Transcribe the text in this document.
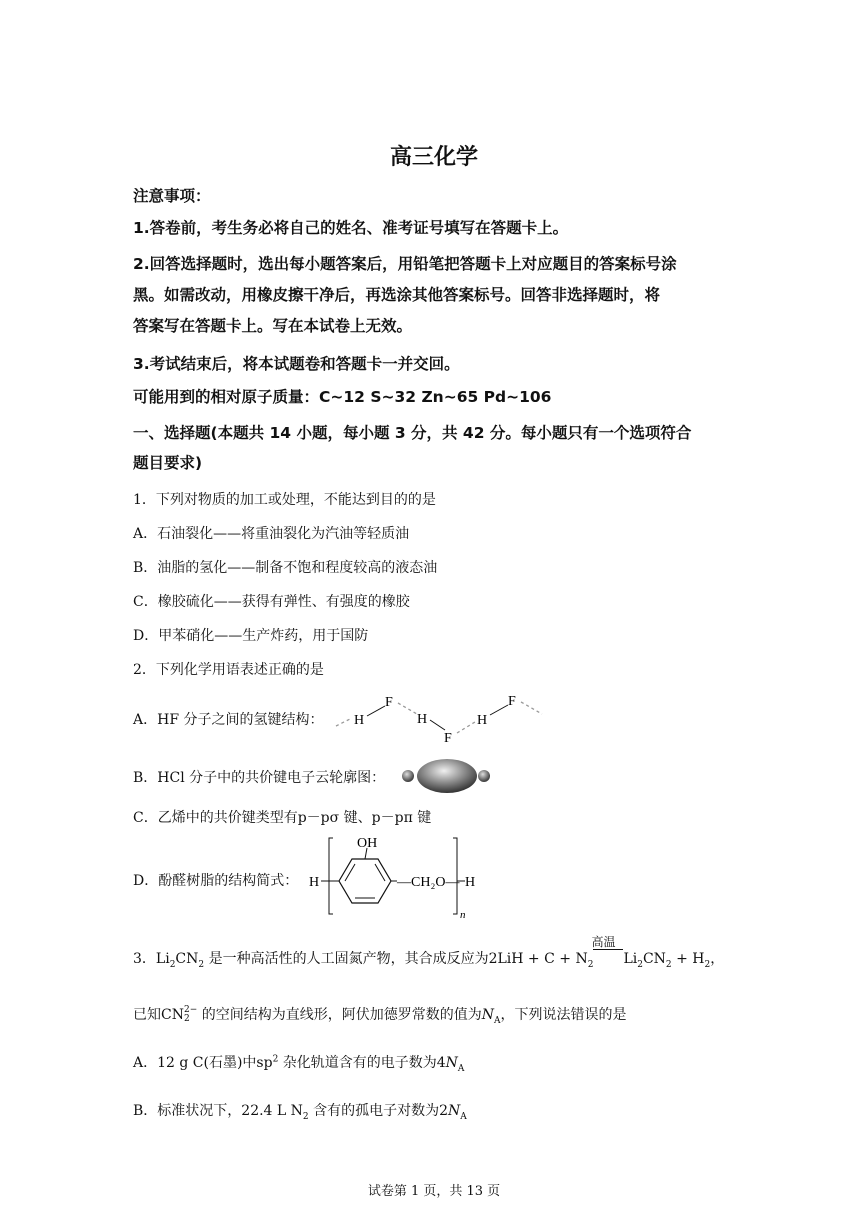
高三化学
注意事项：
1.答卷前，考生务必将自己的姓名、准考证号填写在答题卡上。
2.回答选择题时，选出每小题答案后，用铅笔把答题卡上对应题目的答案标号涂
黑。如需改动，用橡皮擦干净后，再选涂其他答案标号。回答非选择题时，将
答案写在答题卡上。写在本试卷上无效。
3.考试结束后，将本试题卷和答题卡一并交回。
可能用到的相对原子质量：C~12 S~32 Zn~65 Pd~106
一、选择题(本题共 14 小题，每小题 3 分，共 42 分。每小题只有一个选项符合
题目要求)
1．下列对物质的加工或处理，不能达到目的的是
A．石油裂化——将重油裂化为汽油等轻质油
B．油脂的氢化——制备不饱和程度较高的液态油
C．橡胶硫化——获得有弹性、有强度的橡胶
D．甲苯硝化——生产炸药，用于国防
2．下列化学用语表述正确的是
A．HF 分子之间的氢键结构： H
F
H
F
H
F
B．HCl 分子中的共价键电子云轮廓图：
C．乙烯中的共价键类型有p－pσ 键、p－pπ 键
D．酚醛树脂的结构简式： H
OH
—CH₂O—
n
H
3．$Li_2CN_2$ 是一种高活性的人工固氮产物，其合成反应为$2LiH + C + N_2$
高温
$Li_2CN_2 + H_2$，
已知CN 2−
2 的空间结构为直线形，阿伏加德罗常数的值为$N_A$，下列说法错误的是
A．12 g C(石墨)中$sp^2$ 杂化轨道含有的电子数为$4N_A$
B．标准状况下，22.4 L $N_2$ 含有的孤电子对数为$2N_A$
试卷第 1 页，共 13 页
